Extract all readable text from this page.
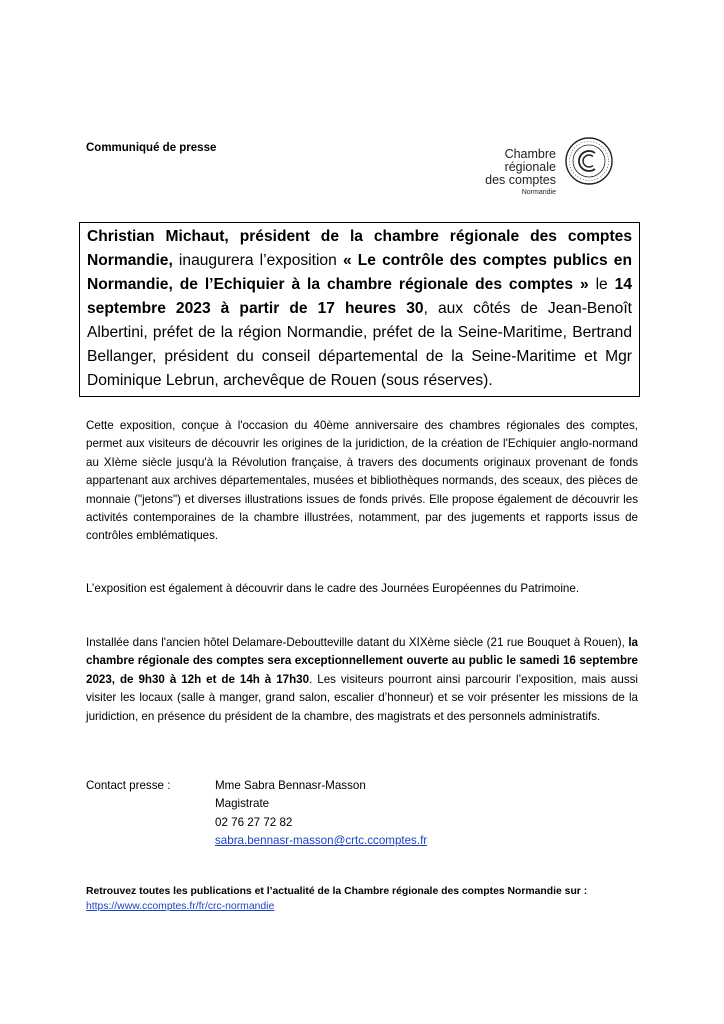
Communiqué de presse	Chambre régionale
des comptes
Normandie
Christian Michaut, président de la chambre régionale des comptes Normandie, inaugurera l’exposition « Le contrôle des comptes publics en Normandie, de l’Echiquier à la chambre régionale des comptes » le 14 septembre 2023 à partir de 17 heures 30, aux côtés de Jean-Benoît Albertini, préfet de la région Normandie, préfet de la Seine-Maritime, Bertrand Bellanger, président du conseil départemental de la Seine-Maritime et Mgr Dominique Lebrun, archevêque de Rouen (sous réserves).
Cette exposition, conçue à l'occasion du 40ème anniversaire des chambres régionales des comptes, permet aux visiteurs de découvrir les origines de la juridiction, de la création de l'Echiquier anglo-normand au XIème siècle jusqu'à la Révolution française, à travers des documents originaux provenant de fonds appartenant aux archives départementales, musées et bibliothèques normands, des sceaux, des pièces de monnaie ("jetons") et diverses illustrations issues de fonds privés. Elle propose également de découvrir les activités contemporaines de la chambre illustrées, notamment, par des jugements et rapports issus de contrôles emblématiques.
L’exposition est également à découvrir dans le cadre des Journées Européennes du Patrimoine.
Installée dans l'ancien hôtel Delamare-Deboutteville datant du XIXème siècle (21 rue Bouquet à Rouen), la chambre régionale des comptes sera exceptionnellement ouverte au public le samedi 16 septembre 2023, de 9h30 à 12h et de 14h à 17h30. Les visiteurs pourront ainsi parcourir l’exposition, mais aussi visiter les locaux (salle à manger, grand salon, escalier d’honneur) et se voir présenter les missions de la juridiction, en présence du président de la chambre, des magistrats et des personnels administratifs.
Contact presse :	Mme Sabra Bennasr-Masson
Magistrate
02 76 27 72 82
sabra.bennasr-masson@crtc.ccomptes.fr
Retrouvez toutes les publications et l’actualité de la Chambre régionale des comptes Normandie sur :
https://www.ccomptes.fr/fr/crc-normandie
